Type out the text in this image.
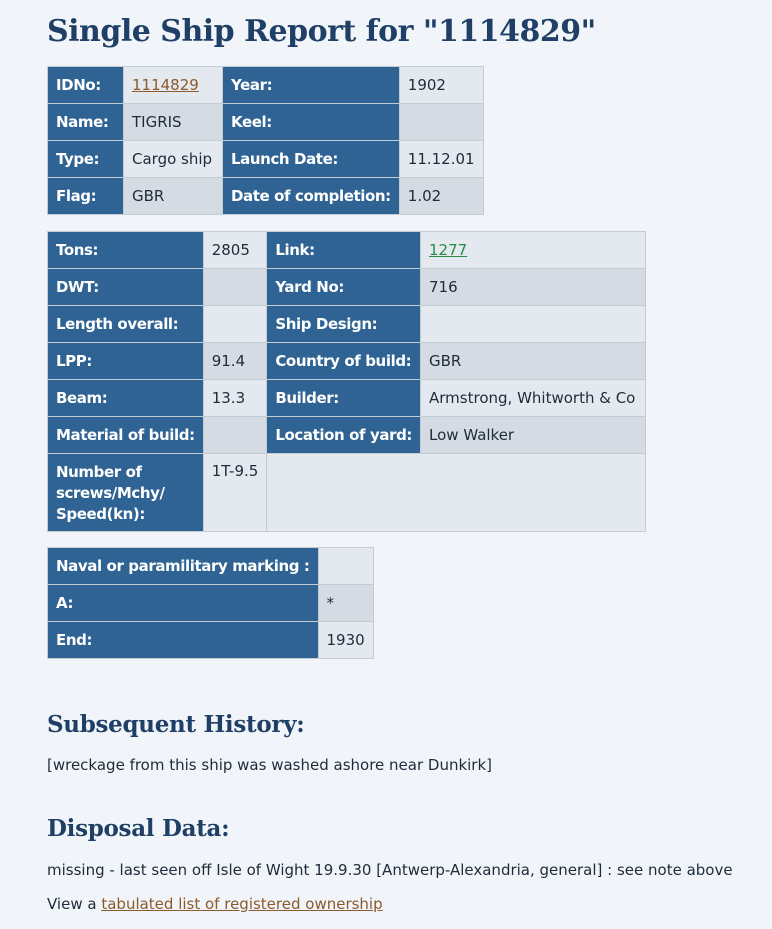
Single Ship Report for "1114829"
IDNo:	1114829	Year:	1902
Name:	TIGRIS	Keel:	
Type:	Cargo ship	Launch Date:	11.12.01
Flag:	GBR	Date of completion:	1.02
Tons:	2805	Link:	1277
DWT:		Yard No:	716
Length overall:		Ship Design:	
LPP:	91.4	Country of build:	GBR
Beam:	13.3	Builder:	Armstrong, Whitworth & Co
Material of build:		Location of yard:	Low Walker
Number of screws/Mchy/ Speed(kn):	1T-9.5		
Naval or paramilitary marking :	
A:	*
End:	1930
Subsequent History:

[wreckage from this ship was washed ashore near Dunkirk]

Disposal Data:

missing - last seen off Isle of Wight 19.9.30 [Antwerp-Alexandria, general] : see note above

View a tabulated list of registered ownership
